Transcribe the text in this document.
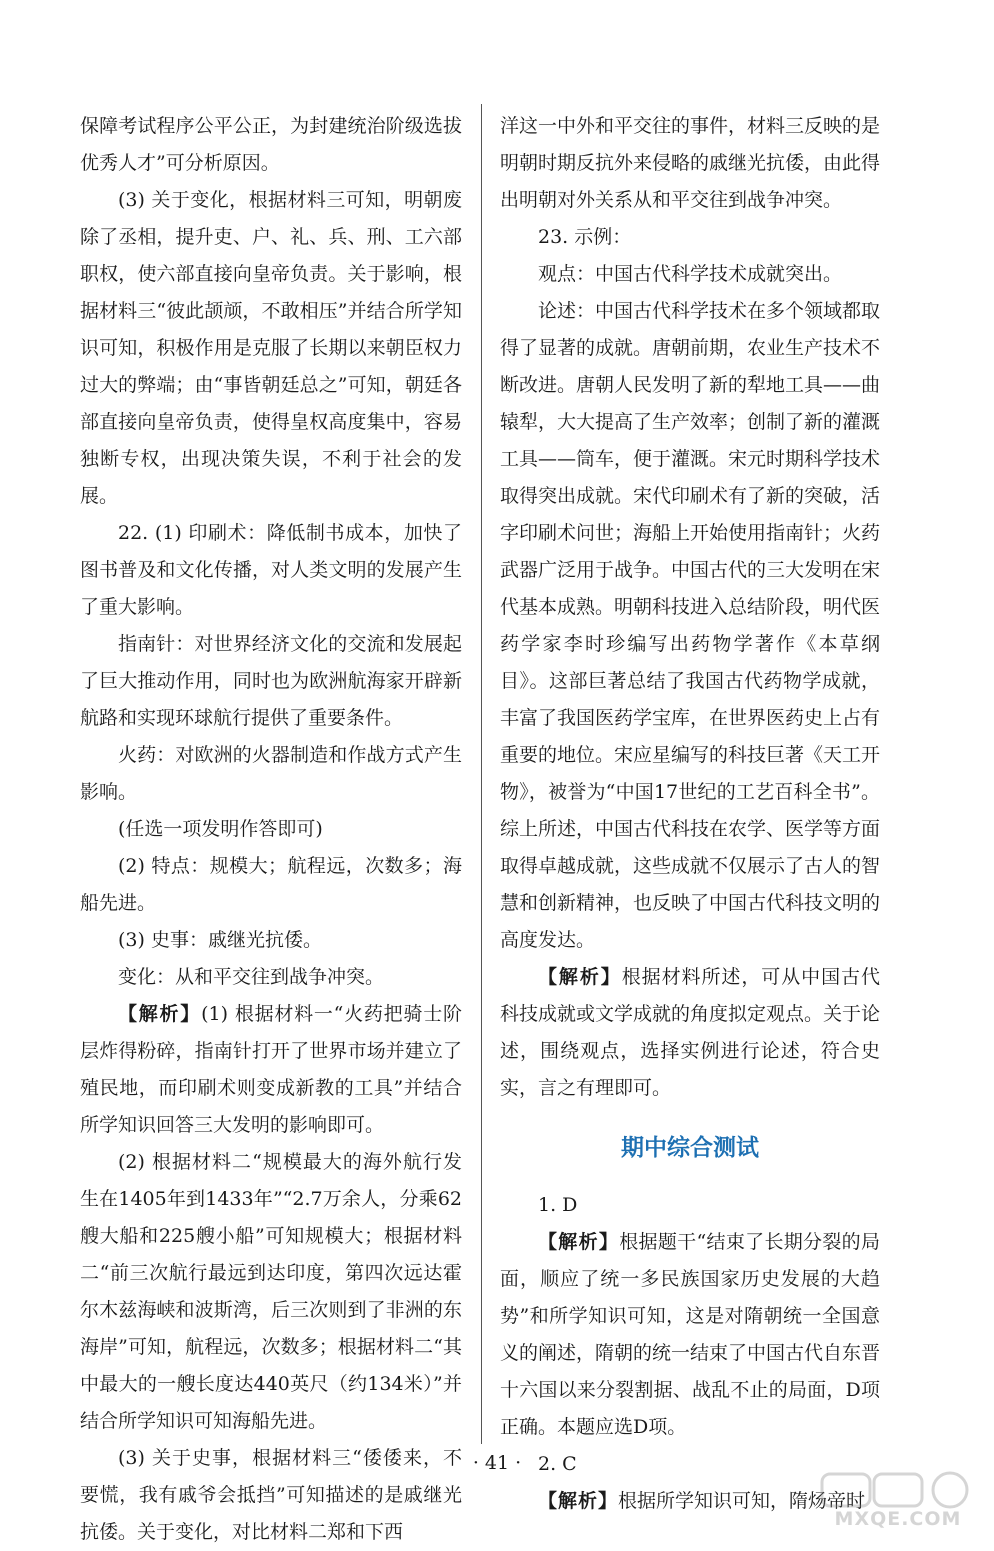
保障考试程序公平公正，为封建统治阶级选拔优秀人才”可分析原因。

(3) 关于变化，根据材料三可知，明朝废除了丞相，提升吏、户、礼、兵、刑、工六部职权，使六部直接向皇帝负责。关于影响，根据材料三“彼此颉颃，不敢相压”并结合所学知识可知，积极作用是克服了长期以来朝臣权力过大的弊端；由“事皆朝廷总之”可知，朝廷各部直接向皇帝负责，使得皇权高度集中，容易独断专权，出现决策失误，不利于社会的发展。

22. (1) 印刷术：降低制书成本，加快了图书普及和文化传播，对人类文明的发展产生了重大影响。

指南针：对世界经济文化的交流和发展起了巨大推动作用，同时也为欧洲航海家开辟新航路和实现环球航行提供了重要条件。

火药：对欧洲的火器制造和作战方式产生影响。

(任选一项发明作答即可)

(2) 特点：规模大；航程远，次数多；海船先进。

(3) 史事：戚继光抗倭。

变化：从和平交往到战争冲突。

【解析】(1) 根据材料一“火药把骑士阶层炸得粉碎，指南针打开了世界市场并建立了殖民地，而印刷术则变成新教的工具”并结合所学知识回答三大发明的影响即可。

(2) 根据材料二“规模最大的海外航行发生在1405年到1433年”“2.7万余人，分乘62艘大船和225艘小船”可知规模大；根据材料二“前三次航行最远到达印度，第四次远达霍尔木兹海峡和波斯湾，后三次则到了非洲的东海岸”可知，航程远，次数多；根据材料二“其中最大的一艘长度达440英尺（约134米）”并结合所学知识可知海船先进。

(3) 关于史事，根据材料三“倭倭来，不要慌，我有戚爷会抵挡”可知描述的是戚继光抗倭。关于变化，对比材料二郑和下西

洋这一中外和平交往的事件，材料三反映的是明朝时期反抗外来侵略的戚继光抗倭，由此得出明朝对外关系从和平交往到战争冲突。

23. 示例：

观点：中国古代科学技术成就突出。

论述：中国古代科学技术在多个领域都取得了显著的成就。唐朝前期，农业生产技术不断改进。唐朝人民发明了新的犁地工具——曲辕犁，大大提高了生产效率；创制了新的灌溉工具——筒车，便于灌溉。宋元时期科学技术取得突出成就。宋代印刷术有了新的突破，活字印刷术问世；海船上开始使用指南针；火药武器广泛用于战争。中国古代的三大发明在宋代基本成熟。明朝科技进入总结阶段，明代医药学家李时珍编写出药物学著作《本草纲目》。这部巨著总结了我国古代药物学成就，丰富了我国医药学宝库，在世界医药史上占有重要的地位。宋应星编写的科技巨著《天工开物》，被誉为“中国17世纪的工艺百科全书”。综上所述，中国古代科技在农学、医学等方面取得卓越成就，这些成就不仅展示了古人的智慧和创新精神，也反映了中国古代科技文明的高度发达。

【解析】根据材料所述，可从中国古代科技成就或文学成就的角度拟定观点。关于论述，围绕观点，选择实例进行论述，符合史实，言之有理即可。

期中综合测试

1. D

【解析】根据题干“结束了长期分裂的局面，顺应了统一多民族国家历史发展的大趋势”和所学知识可知，这是对隋朝统一全国意义的阐述，隋朝的统一结束了中国古代自东晋十六国以来分裂割据、战乱不止的局面，D项正确。本题应选D项。

2. C

【解析】根据所学知识可知，隋炀帝时

· 41 ·
MXQE.COM
